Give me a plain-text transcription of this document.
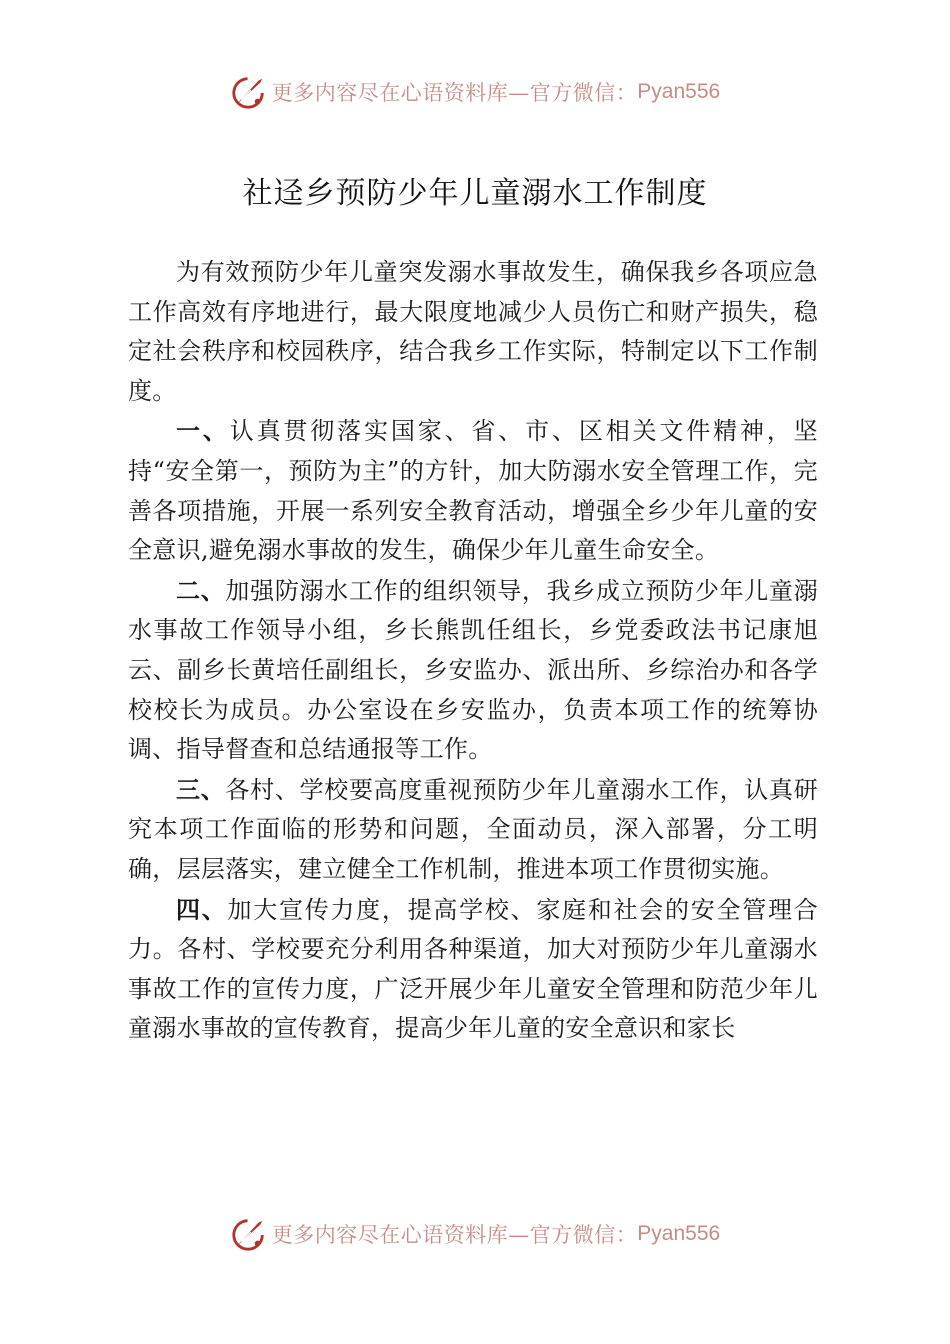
更多内容尽在心语资料库—官方微信： Pyan556
社迳乡预防少年儿童溺水工作制度

为有效预防少年儿童突发溺水事故发生，确保我乡各项应急工作高效有序地进行，最大限度地减少人员伤亡和财产损失，稳定社会秩序和校园秩序，结合我乡工作实际，特制定以下工作制度。

一、认真贯彻落实国家、省、市、区相关文件精神，坚持“安全第一，预防为主”的方针，加大防溺水安全管理工作，完善各项措施，开展一系列安全教育活动，增强全乡少年儿童的安全意识,避免溺水事故的发生，确保少年儿童生命安全。

二、加强防溺水工作的组织领导，我乡成立预防少年儿童溺水事故工作领导小组，乡长熊凯任组长，乡党委政法书记康旭云、副乡长黄培任副组长，乡安监办、派出所、乡综治办和各学校校长为成员。办公室设在乡安监办，负责本项工作的统筹协调、指导督查和总结通报等工作。

三、各村、学校要高度重视预防少年儿童溺水工作，认真研究本项工作面临的形势和问题，全面动员，深入部署，分工明确，层层落实，建立健全工作机制，推进本项工作贯彻实施。

四、加大宣传力度，提高学校、家庭和社会的安全管理合力。各村、学校要充分利用各种渠道，加大对预防少年儿童溺水事故工作的宣传力度，广泛开展少年儿童安全管理和防范少年儿童溺水事故的宣传教育，提高少年儿童的安全意识和家长

更多内容尽在心语资料库—官方微信： Pyan556
